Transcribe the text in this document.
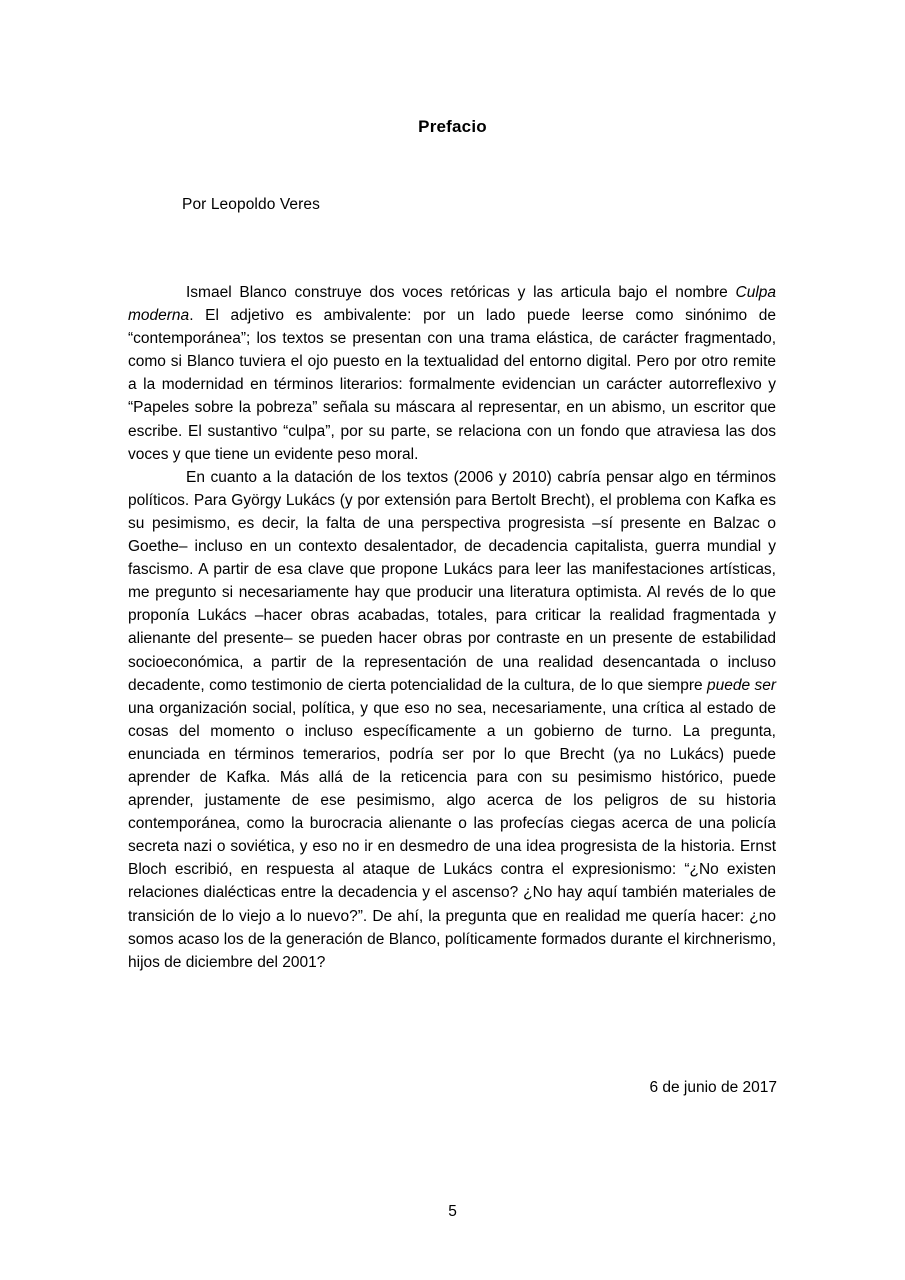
Prefacio
Por Leopoldo Veres

Ismael Blanco construye dos voces retóricas y las articula bajo el nombre Culpa moderna. El adjetivo es ambivalente: por un lado puede leerse como sinónimo de “contemporánea”; los textos se presentan con una trama elástica, de carácter fragmentado, como si Blanco tuviera el ojo puesto en la textualidad del entorno digital. Pero por otro remite a la modernidad en términos literarios: formalmente evidencian un carácter autorreflexivo y “Papeles sobre la pobreza” señala su máscara al representar, en un abismo, un escritor que escribe. El sustantivo “culpa”, por su parte, se relaciona con un fondo que atraviesa las dos voces y que tiene un evidente peso moral.

En cuanto a la datación de los textos (2006 y 2010) cabría pensar algo en términos políticos. Para György Lukács (y por extensión para Bertolt Brecht), el problema con Kafka es su pesimismo, es decir, la falta de una perspectiva progresista –sí presente en Balzac o Goethe– incluso en un contexto desalentador, de decadencia capitalista, guerra mundial y fascismo. A partir de esa clave que propone Lukács para leer las manifestaciones artísticas, me pregunto si necesariamente hay que producir una literatura optimista. Al revés de lo que proponía Lukács –hacer obras acabadas, totales, para criticar la realidad fragmentada y alienante del presente– se pueden hacer obras por contraste en un presente de estabilidad socioeconómica, a partir de la representación de una realidad desencantada o incluso decadente, como testimonio de cierta potencialidad de la cultura, de lo que siempre puede ser una organización social, política, y que eso no sea, necesariamente, una crítica al estado de cosas del momento o incluso específicamente a un gobierno de turno. La pregunta, enunciada en términos temerarios, podría ser por lo que Brecht (ya no Lukács) puede aprender de Kafka. Más allá de la reticencia para con su pesimismo histórico, puede aprender, justamente de ese pesimismo, algo acerca de los peligros de su historia contemporánea, como la burocracia alienante o las profecías ciegas acerca de una policía secreta nazi o soviética, y eso no ir en desmedro de una idea progresista de la historia. Ernst Bloch escribió, en respuesta al ataque de Lukács contra el expresionismo: “¿No existen relaciones dialécticas entre la decadencia y el ascenso? ¿No hay aquí también materiales de transición de lo viejo a lo nuevo?”. De ahí, la pregunta que en realidad me quería hacer: ¿no somos acaso los de la generación de Blanco, políticamente formados durante el kirchnerismo, hijos de diciembre del 2001?

6 de junio de 2017
5
